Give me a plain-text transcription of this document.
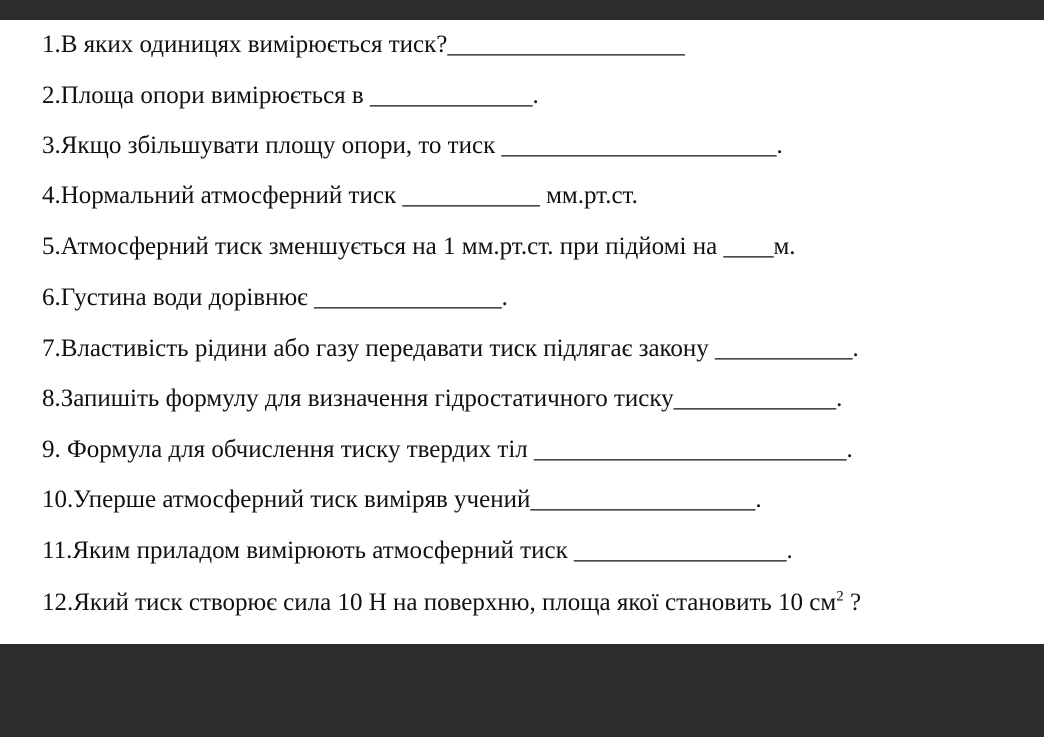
1.В яких одиницях вимірюється тиск?___________________
2.Площа опори вимірюється в _____________.
3.Якщо збільшувати площу опори, то тиск ______________________.
4.Нормальний атмосферний тиск ___________ мм.рт.ст.
5.Атмосферний тиск зменшується на 1 мм.рт.ст. при підйомі на ____м.
6.Густина води дорівнює _______________.
7.Властивість рідини або газу передавати тиск підлягає закону ___________.
8.Запишіть формулу для визначення гідростатичного тиску_____________.
9. Формула для обчислення тиску твердих тіл _________________________.
10.Уперше атмосферний тиск виміряв учений__________________.
11.Яким приладом вимірюють атмосферний тиск _________________.
12.Який тиск створює сила 10 Н на поверхню, площа якої становить 10 $см^2$ ?
